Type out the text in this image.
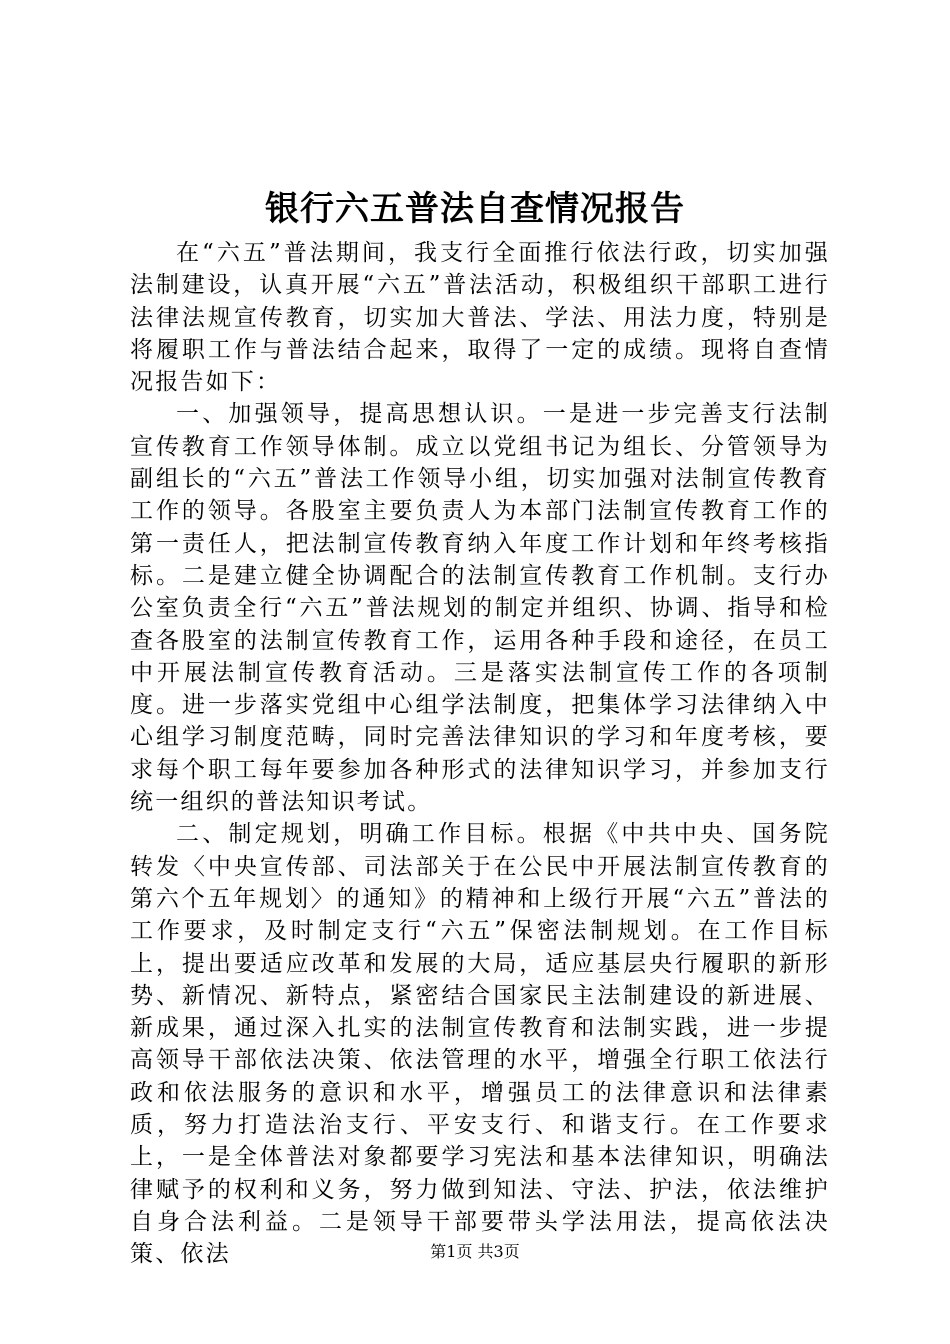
银行六五普法自查情况报告

在“六五”普法期间，我支行全面推行依法行政，切实加强法制建设，认真开展“六五”普法活动，积极组织干部职工进行法律法规宣传教育，切实加大普法、学法、用法力度，特别是将履职工作与普法结合起来，取得了一定的成绩。现将自查情况报告如下：

一、加强领导，提高思想认识。一是进一步完善支行法制宣传教育工作领导体制。成立以党组书记为组长、分管领导为副组长的“六五”普法工作领导小组，切实加强对法制宣传教育工作的领导。各股室主要负责人为本部门法制宣传教育工作的第一责任人，把法制宣传教育纳入年度工作计划和年终考核指标。二是建立健全协调配合的法制宣传教育工作机制。支行办公室负责全行“六五”普法规划的制定并组织、协调、指导和检查各股室的法制宣传教育工作，运用各种手段和途径，在员工中开展法制宣传教育活动。三是落实法制宣传工作的各项制度。进一步落实党组中心组学法制度，把集体学习法律纳入中心组学习制度范畴，同时完善法律知识的学习和年度考核，要求每个职工每年要参加各种形式的法律知识学习，并参加支行统一组织的普法知识考试。

二、制定规划，明确工作目标。根据《中共中央、国务院转发〈中央宣传部、司法部关于在公民中开展法制宣传教育的第六个五年规划〉的通知》的精神和上级行开展“六五”普法的工作要求，及时制定支行“六五”保密法制规划。在工作目标上，提出要适应改革和发展的大局，适应基层央行履职的新形势、新情况、新特点，紧密结合国家民主法制建设的新进展、新成果，通过深入扎实的法制宣传教育和法制实践，进一步提高领导干部依法决策、依法管理的水平，增强全行职工依法行政和依法服务的意识和水平，增强员工的法律意识和法律素质，努力打造法治支行、平安支行、和谐支行。在工作要求上，一是全体普法对象都要学习宪法和基本法律知识，明确法律赋予的权利和义务，努力做到知法、守法、护法，依法维护自身合法利益。二是领导干部要带头学法用法，提高依法决策、依法	第1页 共3页
